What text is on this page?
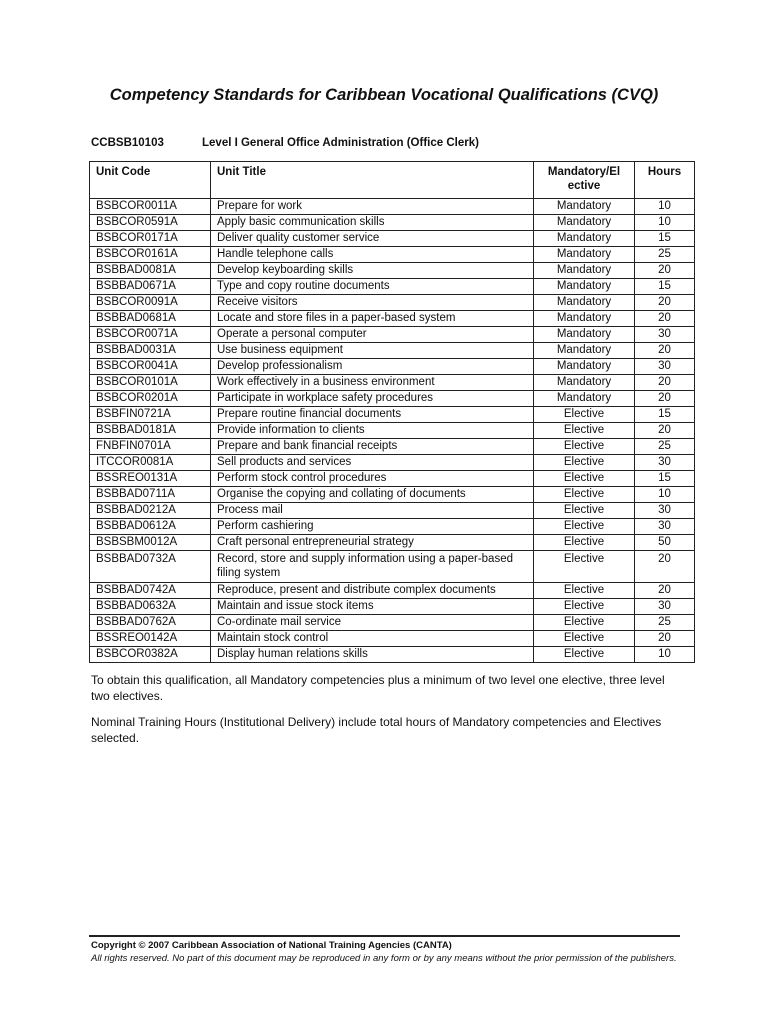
Competency Standards for Caribbean Vocational Qualifications (CVQ)
CCBSB10103	Level I General Office Administration (Office Clerk)
Unit Code	Unit Title	Mandatory/El ective	Hours
BSBCOR0011A	Prepare for work	Mandatory	10
BSBCOR0591A	Apply basic communication skills	Mandatory	10
BSBCOR0171A	Deliver quality customer service	Mandatory	15
BSBCOR0161A	Handle telephone calls	Mandatory	25
BSBBAD0081A	Develop keyboarding skills	Mandatory	20
BSBBAD0671A	Type and copy routine documents	Mandatory	15
BSBCOR0091A	Receive visitors	Mandatory	20
BSBBAD0681A	Locate and store files in a paper-based system	Mandatory	20
BSBCOR0071A	Operate a personal computer	Mandatory	30
BSBBAD0031A	Use business equipment	Mandatory	20
BSBCOR0041A	Develop professionalism	Mandatory	30
BSBCOR0101A	Work effectively in a business environment	Mandatory	20
BSBCOR0201A	Participate in workplace safety procedures	Mandatory	20
BSBFIN0721A	Prepare routine financial documents	Elective	15
BSBBAD0181A	Provide information to clients	Elective	20
FNBFIN0701A	Prepare and bank financial receipts	Elective	25
ITCCOR0081A	Sell products and services	Elective	30
BSSREO0131A	Perform stock control procedures	Elective	15
BSBBAD0711A	Organise the copying and collating of documents	Elective	10
BSBBAD0212A	Process mail	Elective	30
BSBBAD0612A	Perform cashiering	Elective	30
BSBSBM0012A	Craft personal entrepreneurial strategy	Elective	50
BSBBAD0732A	Record, store and supply information using a paper-based filing system	Elective	20
BSBBAD0742A	Reproduce, present and distribute complex documents	Elective	20
BSBBAD0632A	Maintain and issue stock items	Elective	30
BSBBAD0762A	Co-ordinate mail service	Elective	25
BSSREO0142A	Maintain stock control	Elective	20
BSBCOR0382A	Display human relations skills	Elective	10
To obtain this qualification, all Mandatory competencies plus a minimum of two level one elective, three level two electives.
Nominal Training Hours (Institutional Delivery) include total hours of Mandatory competencies and Electives selected.
Copyright © 2007 Caribbean Association of National Training Agencies (CANTA)
All rights reserved. No part of this document may be reproduced in any form or by any means without the prior permission of the publishers.
